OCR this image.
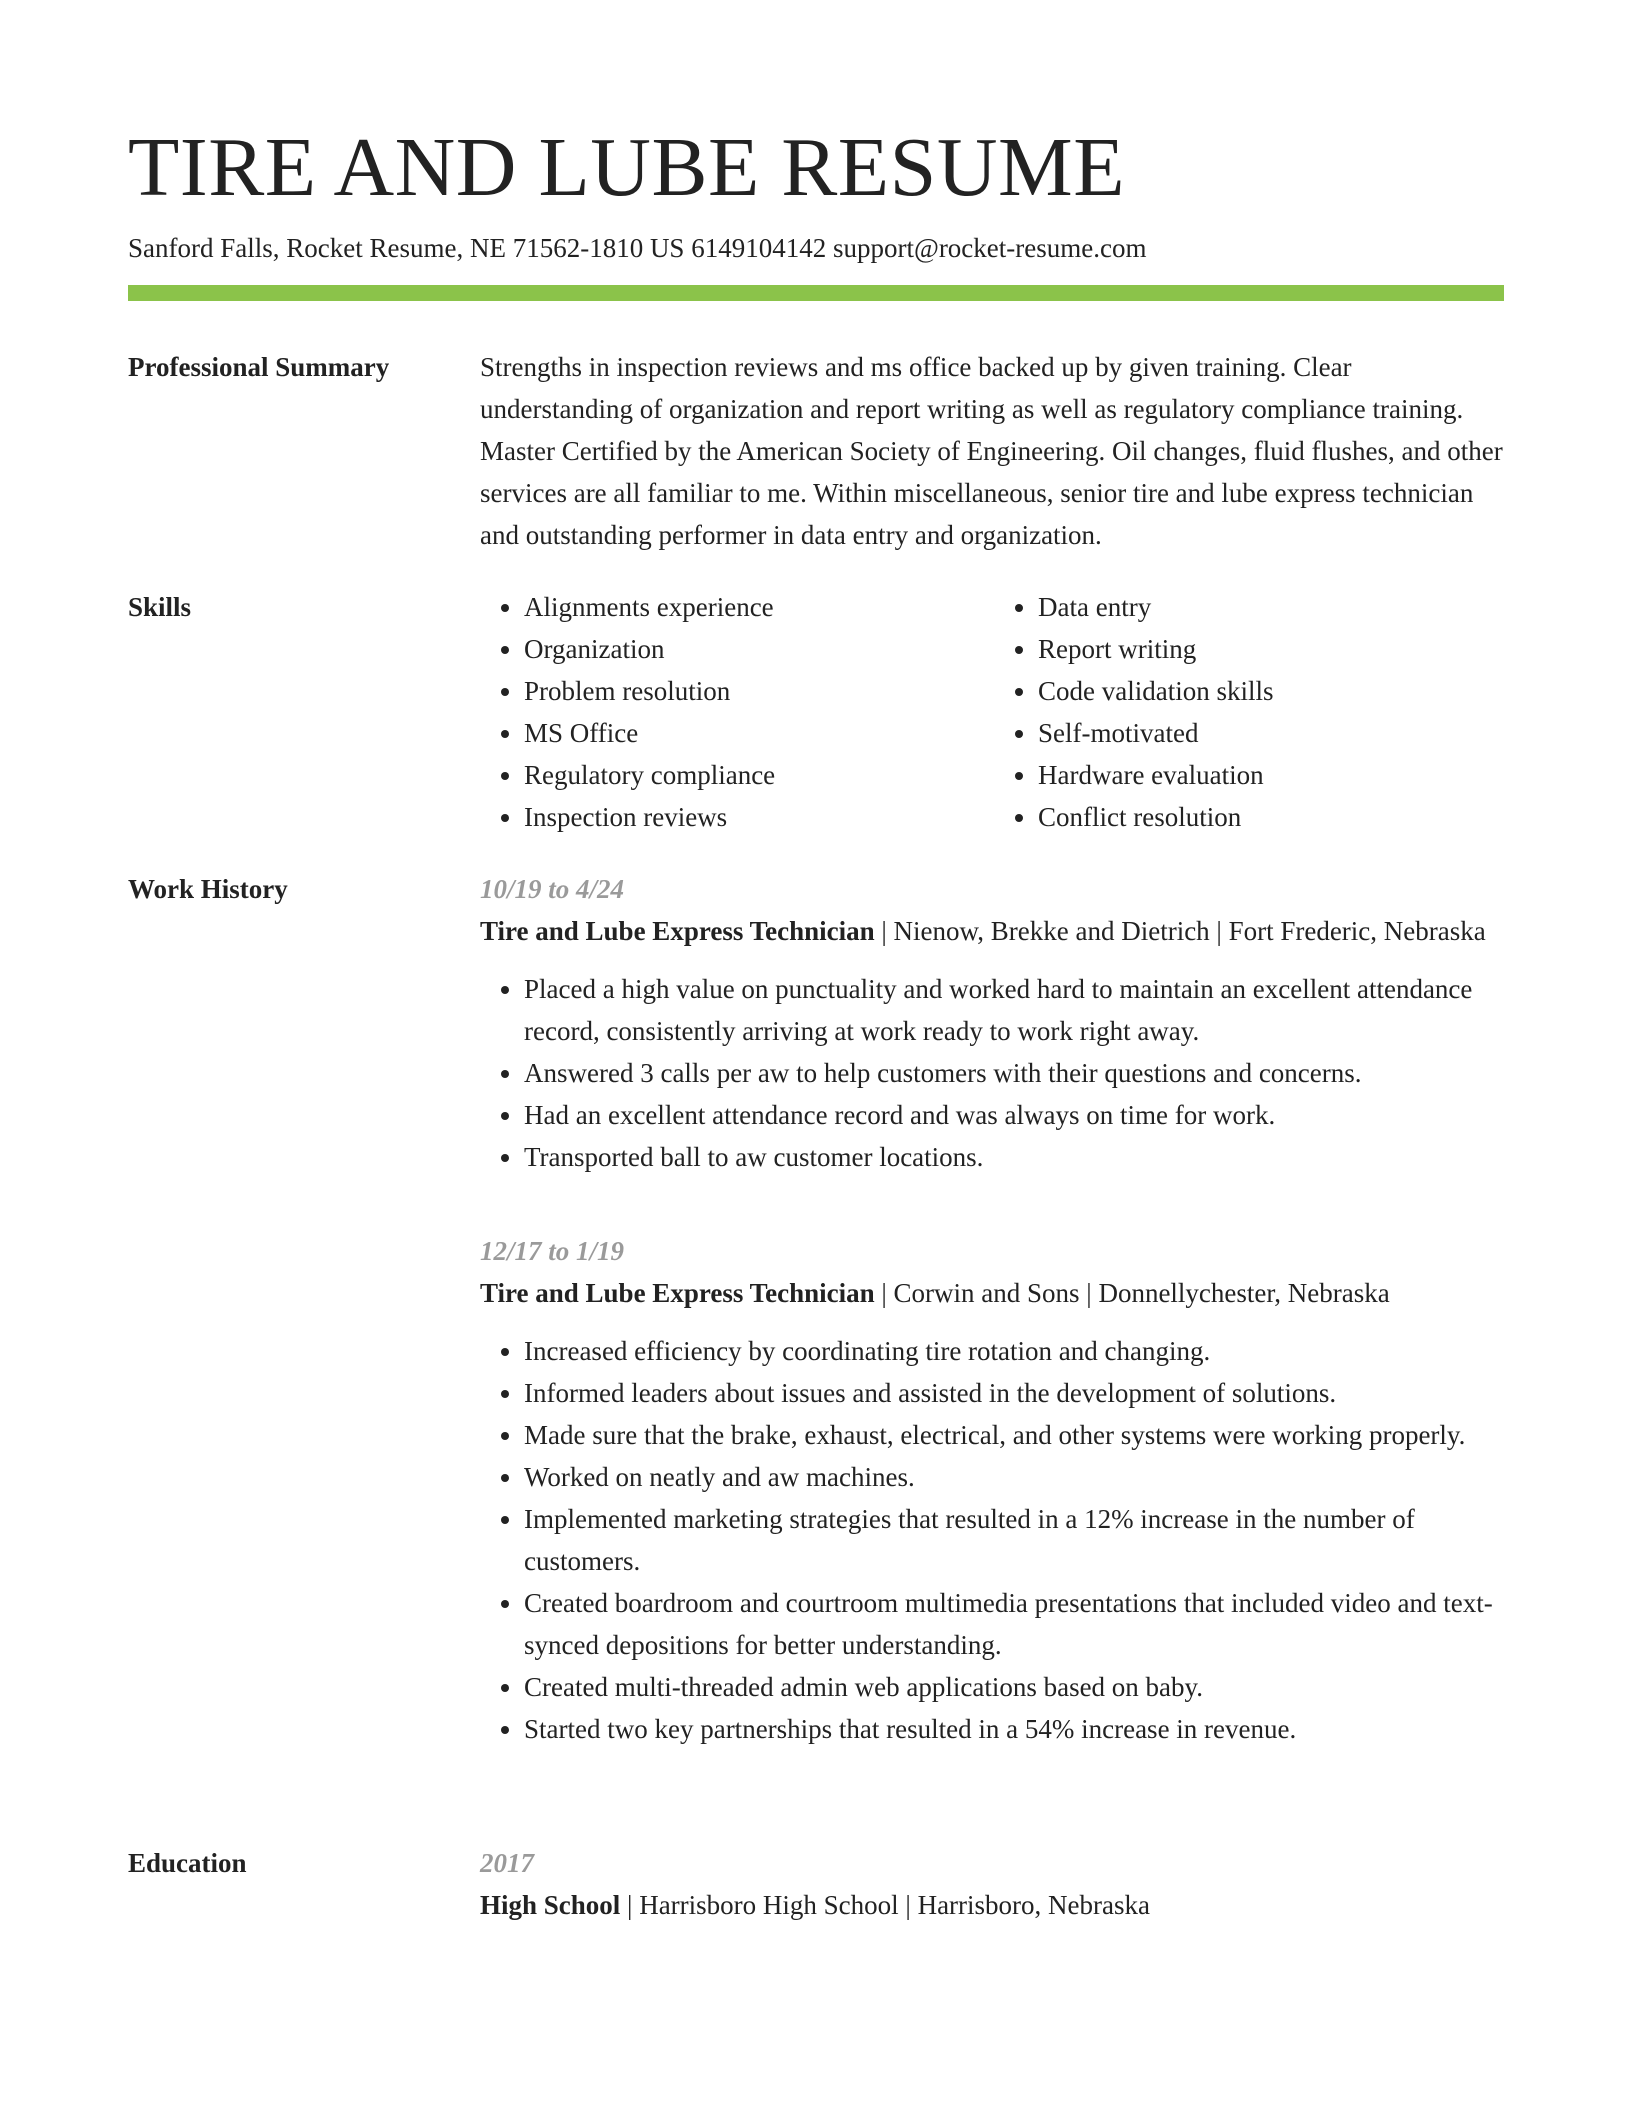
TIRE AND LUBE RESUME
Sanford Falls, Rocket Resume, NE 71562-1810 US 6149104142 support@rocket-resume.com
Professional Summary	Strengths in inspection reviews and ms office backed up by given training. Clear understanding of organization and report writing as well as regulatory compliance training. Master Certified by the American Society of Engineering. Oil changes, fluid flushes, and other services are all familiar to me. Within miscellaneous, senior tire and lube express technician and outstanding performer in data entry and organization.

Skills
•	Alignments experience
• Organization
• Problem resolution
• MS Office
• Regulatory compliance
• Inspection reviews
• Data entry
• Report writing
• Code validation skills
• Self-motivated
• Hardware evaluation
• Conflict resolution
Work History	10/19 to 4/24
Tire and Lube Express Technician | Nienow, Brekke and Dietrich | Fort Frederic, Nebraska
• Placed a high value on punctuality and worked hard to maintain an excellent attendance record, consistently arriving at work ready to work right away.
• Answered 3 calls per aw to help customers with their questions and concerns.
• Had an excellent attendance record and was always on time for work.
• Transported ball to aw customer locations.
12/17 to 1/19
Tire and Lube Express Technician | Corwin and Sons | Donnellychester, Nebraska
• Increased efficiency by coordinating tire rotation and changing.
• Informed leaders about issues and assisted in the development of solutions.
• Made sure that the brake, exhaust, electrical, and other systems were working properly.
• Worked on neatly and aw machines.
• Implemented marketing strategies that resulted in a 12% increase in the number of customers.
• Created boardroom and courtroom multimedia presentations that included video and text-synced depositions for better understanding.
• Created multi-threaded admin web applications based on baby.
• Started two key partnerships that resulted in a 54% increase in revenue.
Education	2017
High School | Harrisboro High School | Harrisboro, Nebraska
